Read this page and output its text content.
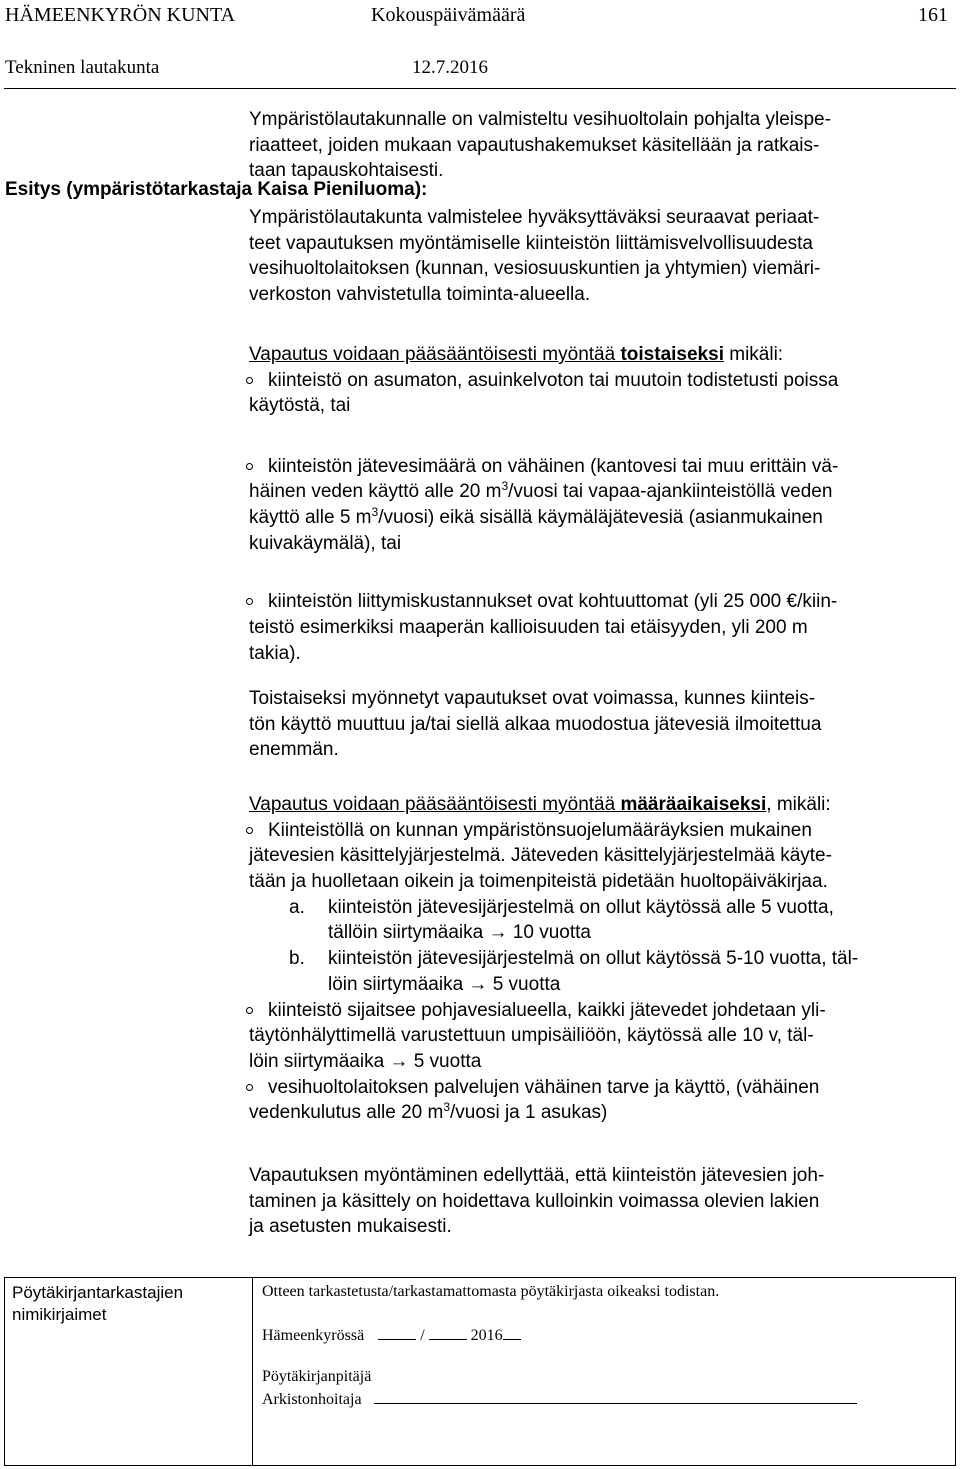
HÄMEENKYRÖN KUNTA	Kokouspäivämäärä	161
Tekninen lautakunta	12.7.2016
Ympäristölautakunnalle on valmisteltu vesihuoltolain pohjalta yleispe-
riaatteet, joiden mukaan vapautushakemukset käsitellään ja ratkais-
taan tapauskohtaisesti.
Esitys (ympäristötarkastaja Kaisa Pieniluoma):
Ympäristölautakunta valmistelee hyväksyttäväksi seuraavat periaat-
teet vapautuksen myöntämiselle kiinteistön liittämisvelvollisuudesta
vesihuoltolaitoksen (kunnan, vesiosuuskuntien ja yhtymien) viemäri-
verkoston vahvistetulla toiminta-alueella.
Vapautus voidaan pääsääntöisesti myöntää toistaiseksi mikäli:
kiinteistö on asumaton, asuinkelvoton tai muutoin todistetusti poissa
käytöstä, tai
kiinteistön jätevesimäärä on vähäinen (kantovesi tai muu erittäin vä-
häinen veden käyttö alle 20 $m^3$/vuosi tai vapaa-ajankiinteistöllä veden
käyttö alle 5 $m^3/vuosi$) eikä sisällä käymäläjätevesiä (asianmukainen
kuivakäymälä), tai
kiinteistön liittymiskustannukset ovat kohtuuttomat (yli 25 000 €/kiin-
teistö esimerkiksi maaperän kallioisuuden tai etäisyyden, yli 200 m
takia).
Toistaiseksi myönnetyt vapautukset ovat voimassa, kunnes kiinteis-
tön käyttö muuttuu ja/tai siellä alkaa muodostua jätevesiä ilmoitettua
enemmän.
Vapautus voidaan pääsääntöisesti myöntää määräaikaiseksi, mikäli:
Kiinteistöllä on kunnan ympäristönsuojelumääräyksien mukainen
jätevesien käsittelyjärjestelmä. Jäteveden käsittelyjärjestelmää käyte-
tään ja huolletaan oikein ja toimenpiteistä pidetään huoltopäiväkirjaa.
a. kiinteistön jätevesijärjestelmä on ollut käytössä alle 5 vuotta,
tällöin siirtymäaika → 10 vuotta
b. kiinteistön jätevesijärjestelmä on ollut käytössä 5-10 vuotta, täl-
löin siirtymäaika → 5 vuotta
kiinteistö sijaitsee pohjavesialueella, kaikki jätevedet johdetaan yli-
täytönhälyttimellä varustettuun umpisäiliöön, käytössä alle 10 v, täl-
löin siirtymäaika → 5 vuotta
vesihuoltolaitoksen palvelujen vähäinen tarve ja käyttö, (vähäinen
vedenkulutus alle 20 $m^3$/vuosi ja 1 asukas)
Vapautuksen myöntäminen edellyttää, että kiinteistön jätevesien joh-
taminen ja käsittely on hoidettava kulloinkin voimassa olevien lakien
ja asetusten mukaisesti.
Pöytäkirjantarkastajien
nimikirjaimet
Otteen tarkastetusta/tarkastamattomasta pöytäkirjasta oikeaksi todistan.
Hämeenkyrössä	/	2016
Pöytäkirjanpitäjä
Arkistonhoitaja
